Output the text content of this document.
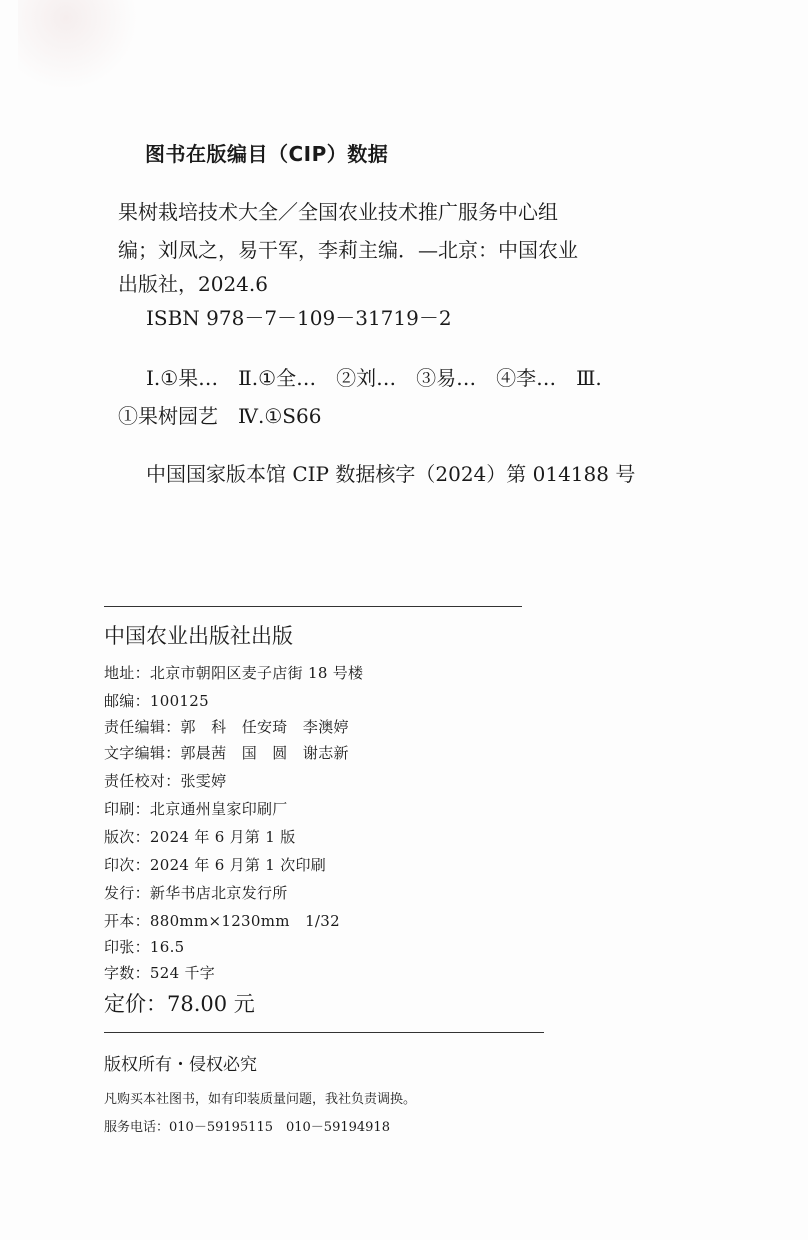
图书在版编目（CIP）数据
果树栽培技术大全／全国农业技术推广服务中心组
编；刘凤之，易干军，李莉主编．—北京：中国农业
出版社，2024.6
ISBN 978－7－109－31719－2
Ⅰ.①果…　Ⅱ.①全…　②刘…　③易…　④李…　Ⅲ.
①果树园艺　Ⅳ.①S66
中国国家版本馆 CIP 数据核字（2024）第 014188 号
中国农业出版社出版
地址：北京市朝阳区麦子店街 18 号楼
邮编：100125
责任编辑：郭　科　任安琦　李澳婷
文字编辑：郭晨茜　国　圆　谢志新
责任校对：张雯婷
印刷：北京通州皇家印刷厂
版次：2024 年 6 月第 1 版
印次：2024 年 6 月第 1 次印刷
发行：新华书店北京发行所
开本：880mm×1230mm　1/32
印张：16.5
字数：524 千字
定价：78.00 元
版权所有・侵权必究
凡购买本社图书，如有印装质量问题，我社负责调换。
服务电话：010－59195115　010－59194918
